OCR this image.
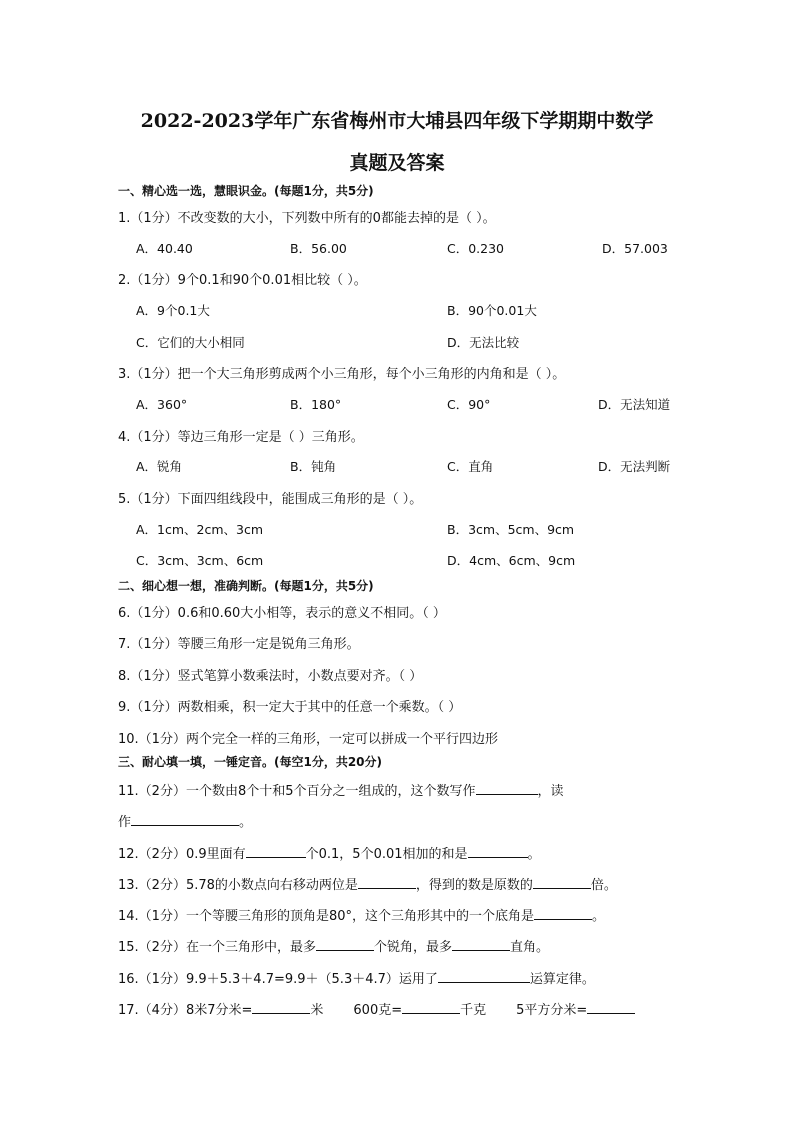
2022-2023学年广东省梅州市大埔县四年级下学期期中数学
真题及答案
一、精心选一选，慧眼识金。(每题1分，共5分)
1.（1分）不改变数的大小，下列数中所有的0都能去掉的是（ ）。
A．40.40	B．56.00	C．0.230	D．57.003
2.（1分）9个0.1和90个0.01相比较（ ）。
A．9个0.1大	B．90个0.01大
C．它们的大小相同	D．无法比较
3.（1分）把一个大三角形剪成两个小三角形，每个小三角形的内角和是（ ）。
A．360°	B．180°	C．90°	D．无法知道
4.（1分）等边三角形一定是（ ）三角形。
A．锐角	B．钝角	C．直角	D．无法判断
5.（1分）下面四组线段中，能围成三角形的是（ ）。
A．1cm、2cm、3cm	B．3cm、5cm、9cm
C．3cm、3cm、6cm	D．4cm、6cm、9cm
二、细心想一想，准确判断。(每题1分，共5分)
6.（1分）0.6和0.60大小相等，表示的意义不相同。（ ）
7.（1分）等腰三角形一定是锐角三角形。
8.（1分）竖式笔算小数乘法时，小数点要对齐。（ ）
9.（1分）两数相乘，积一定大于其中的任意一个乘数。（ ）
10.（1分）两个完全一样的三角形，一定可以拼成一个平行四边形
三、耐心填一填，一锤定音。(每空1分，共20分)
11.（2分）一个数由8个十和5个百分之一组成的，这个数写作	，读
作	。
12.（2分）0.9里面有	个0.1，5个0.01相加的和是	。
13.（2分）5.78的小数点向右移动两位是	，得到的数是原数的	倍。
14.（1分）一个等腰三角形的顶角是80°，这个三角形其中的一个底角是	。
15.（2分）在一个三角形中，最多	个锐角，最多	直角。
16.（1分）9.9＋5.3＋4.7=9.9＋（5.3＋4.7）运用了	运算定律。
17.（4分）8米7分米=	米 600克=	千克 5平方分米=
